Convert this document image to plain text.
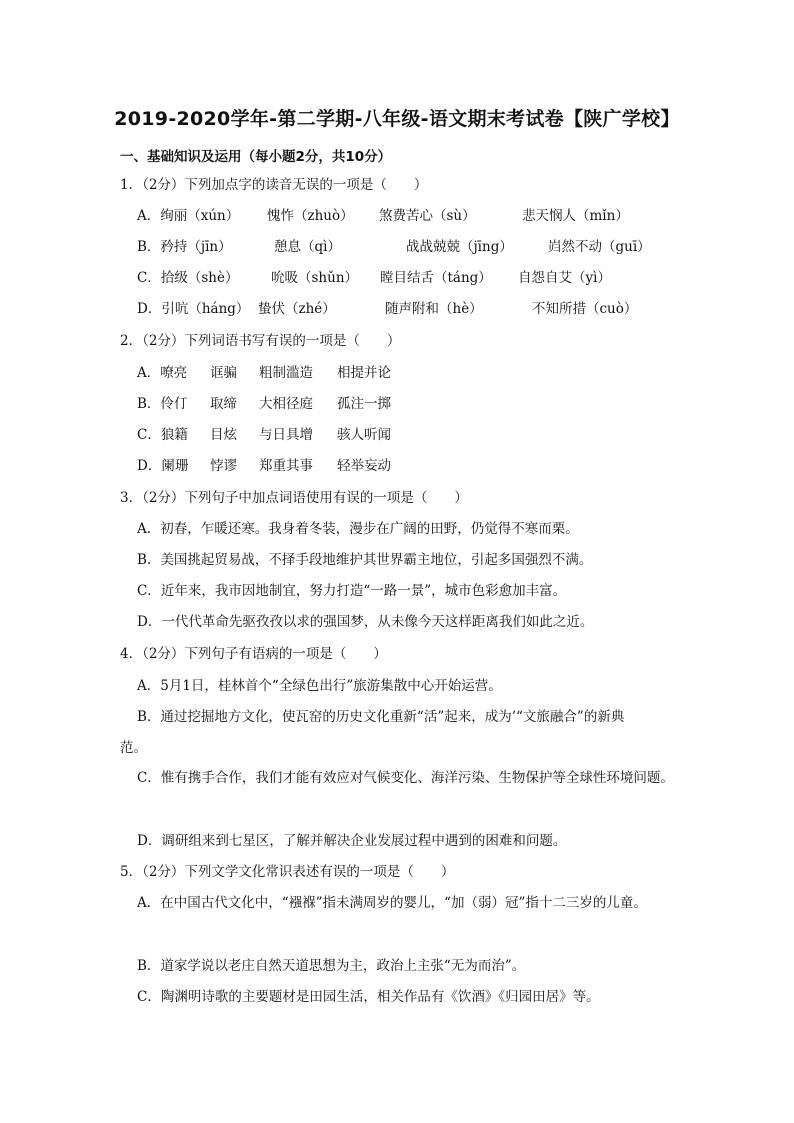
2019-2020学年-第二学期-八年级-语文期末考试卷【陕广学校】
一、基础知识及运用（每小题2分，共10分）
1．（2分）下列加点字的读音无误的一项是（　　）
A．绚丽（xún） 愧怍（zhuò） 煞费苦心（sù）	悲天悯人（mǐn）
B．矜持（jīn）	憩息（qì）	战战兢兢（jīng）	岿然不动（guī）
C．拾级（shè） 吮吸（shǔn） 瞠目结舌（táng） 自怨自艾（yì）
D．引吭（háng） 蛰伏（zhé）	随声附和（hè）	不知所措（cuò）
2．（2分）下列词语书写有误的一项是（　　）
A．嘹亮 诓骗 粗制滥造 相提并论
B．伶仃 取缔 大相径庭 孤注一掷
C．狼籍 目炫 与日具增 骇人听闻
D．阑珊 悖谬 郑重其事 轻举妄动
3．（2分）下列句子中加点词语使用有误的一项是（　　）
A．初春，乍暖还寒。我身着冬装，漫步在广阔的田野，仍觉得不寒而栗。
B．美国挑起贸易战，不择手段地维护其世界霸主地位，引起多国强烈不满。
C．近年来，我市因地制宜，努力打造“一路一景”，城市色彩愈加丰富。
D．一代代革命先驱孜孜以求的强国梦，从未像今天这样距离我们如此之近。
4．（2分）下列句子有语病的一项是（　　）
A．5月1日，桂林首个“全绿色出行”旅游集散中心开始运营。
B．通过挖掘地方文化，使瓦窑的历史文化重新“活”起来，成为’“文旅融合”的新典
范。
C．惟有携手合作，我们才能有效应对气候变化、海洋污染、生物保护等全球性环境问题。
D．调研组来到七星区，了解并解决企业发展过程中遇到的困难和问题。
5．（2分）下列文学文化常识表述有误的一项是（　　）
A．在中国古代文化中，“襁褓”指未满周岁的婴儿，“加（弱）冠”指十二三岁的儿童。
B．道家学说以老庄自然天道思想为主，政治上主张“无为而治”。
C．陶渊明诗歌的主要题材是田园生活，相关作品有《饮酒》《归园田居》等。
